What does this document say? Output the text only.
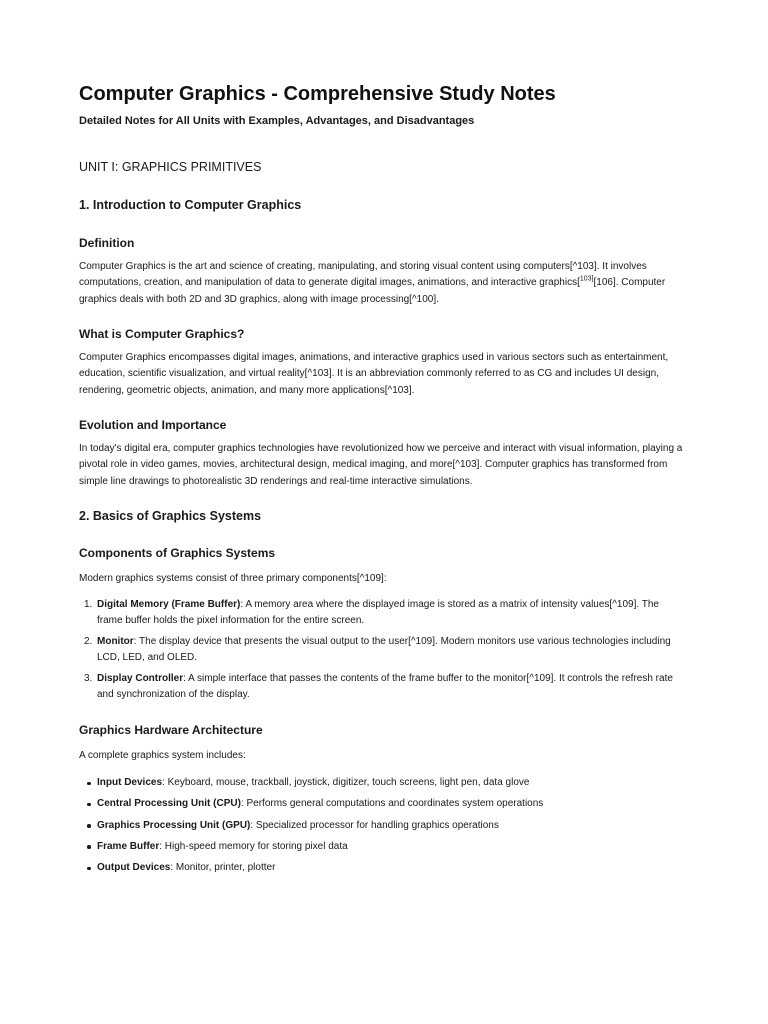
Computer Graphics - Comprehensive Study Notes

Detailed Notes for All Units with Examples, Advantages, and Disadvantages

UNIT I: GRAPHICS PRIMITIVES
1. Introduction to Computer Graphics
Definition

Computer Graphics is the art and science of creating, manipulating, and storing visual content using computers[^103]. It involves computations, creation, and manipulation of data to generate digital images, animations, and interactive graphics[$^{103]}$[106]. Computer graphics deals with both 2D and 3D graphics, along with image processing[^100].

What is Computer Graphics?

Computer Graphics encompasses digital images, animations, and interactive graphics used in various sectors such as entertainment, education, scientific visualization, and virtual reality[^103]. It is an abbreviation commonly referred to as CG and includes UI design, rendering, geometric objects, animation, and many more applications[^103].

Evolution and Importance

In today's digital era, computer graphics technologies have revolutionized how we perceive and interact with visual information, playing a pivotal role in video games, movies, architectural design, medical imaging, and more[^103]. Computer graphics has transformed from simple line drawings to photorealistic 3D renderings and real-time interactive simulations.

2. Basics of Graphics Systems
Components of Graphics Systems

Modern graphics systems consist of three primary components[^109]:

1. Digital Memory (Frame Buffer): A memory area where the displayed image is stored as a matrix of intensity values[^109]. The frame buffer holds the pixel information for the entire screen.
2. Monitor: The display device that presents the visual output to the user[^109]. Modern monitors use various technologies including LCD, LED, and OLED.
3. Display Controller: A simple interface that passes the contents of the frame buffer to the monitor[^109]. It controls the refresh rate and synchronization of the display.
Graphics Hardware Architecture

A complete graphics system includes:

Input Devices: Keyboard, mouse, trackball, joystick, digitizer, touch screens, light pen, data glove
Central Processing Unit (CPU): Performs general computations and coordinates system operations
Graphics Processing Unit (GPU): Specialized processor for handling graphics operations
Frame Buffer: High-speed memory for storing pixel data
Output Devices: Monitor, printer, plotter
